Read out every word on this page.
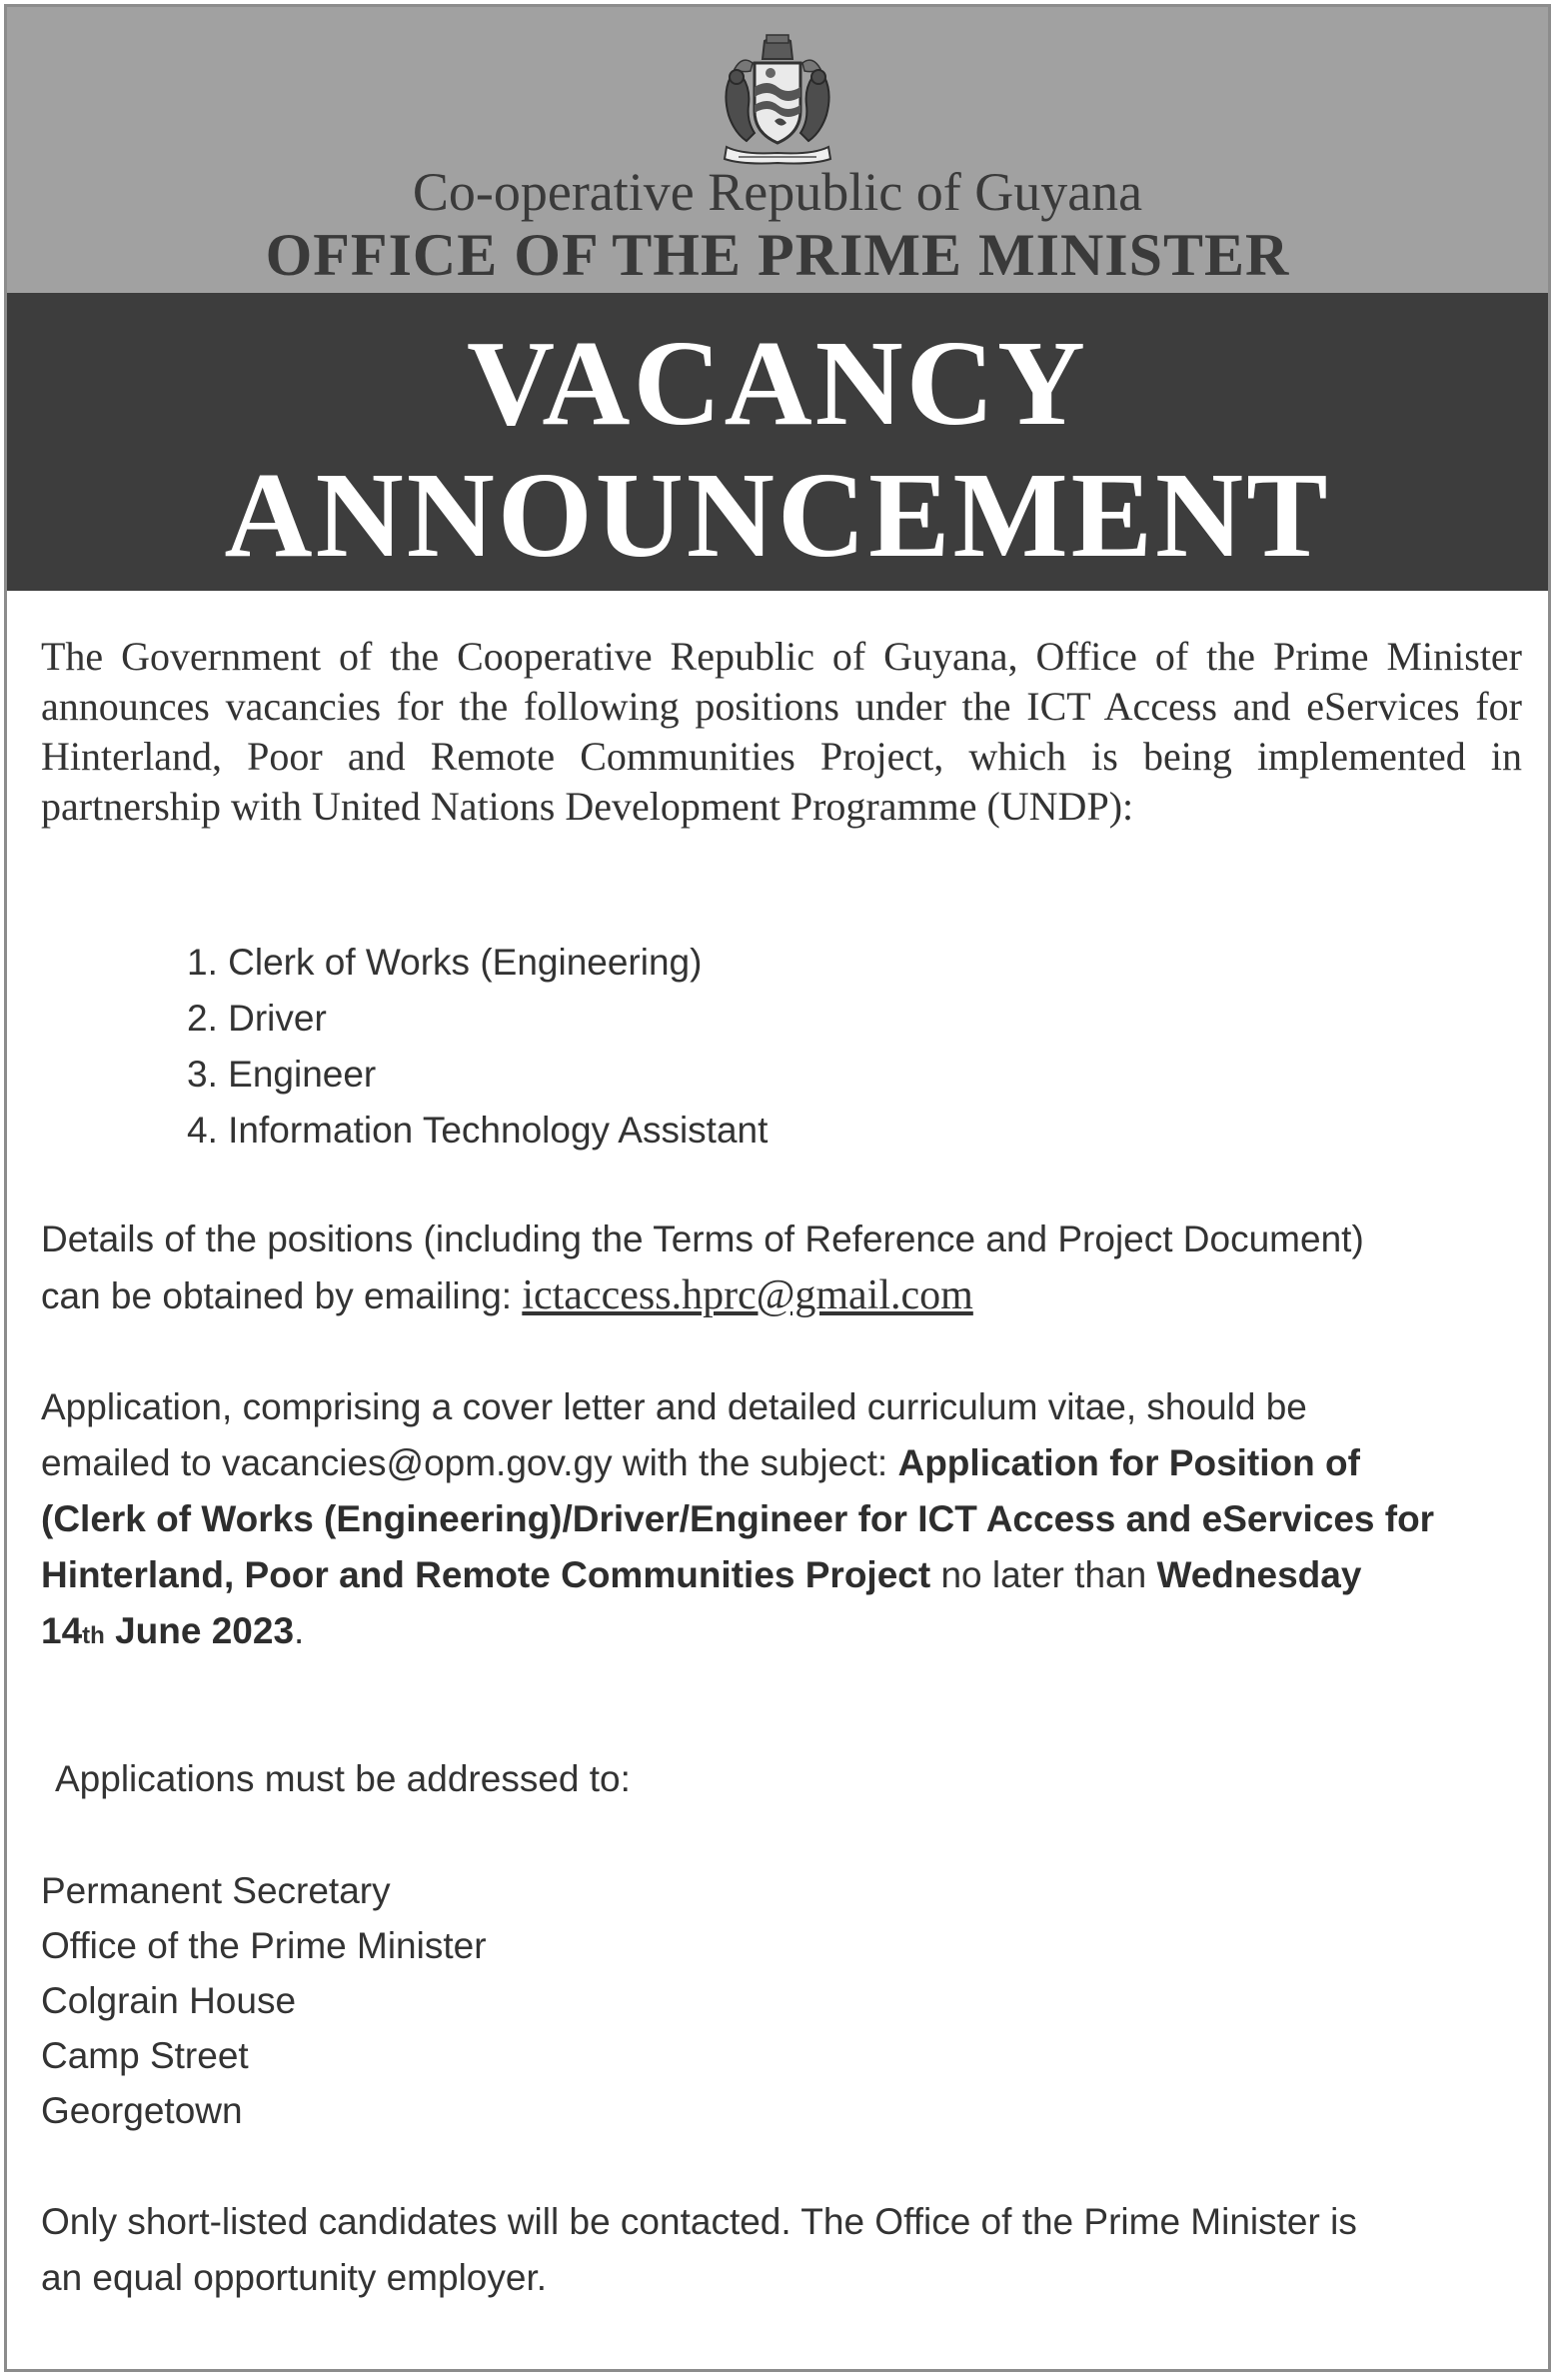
Co-operative Republic of Guyana
OFFICE OF THE PRIME MINISTER
VACANCY
ANNOUNCEMENT
The Government of the Cooperative Republic of Guyana, Office of the Prime Minister announces vacancies for the following positions under the ICT Access and eServices for Hinterland, Poor and Remote Communities Project, which is being implemented in partnership with United Nations Development Programme (UNDP):
1. Clerk of Works (Engineering)
2. Driver
3. Engineer
4. Information Technology Assistant
Details of the positions (including the Terms of Reference and Project Document)
can be obtained by emailing: ictaccess.hprc@gmail.com
Application, comprising a cover letter and detailed curriculum vitae, should be
emailed to vacancies@opm.gov.gy with the subject: Application for Position of
(Clerk of Works (Engineering)/Driver/Engineer for ICT Access and eServices for
Hinterland, Poor and Remote Communities Project no later than Wednesday
14th June 2023.
Applications must be addressed to:
Permanent Secretary
Office of the Prime Minister
Colgrain House
Camp Street
Georgetown
Only short-listed candidates will be contacted. The Office of the Prime Minister is
an equal opportunity employer.
